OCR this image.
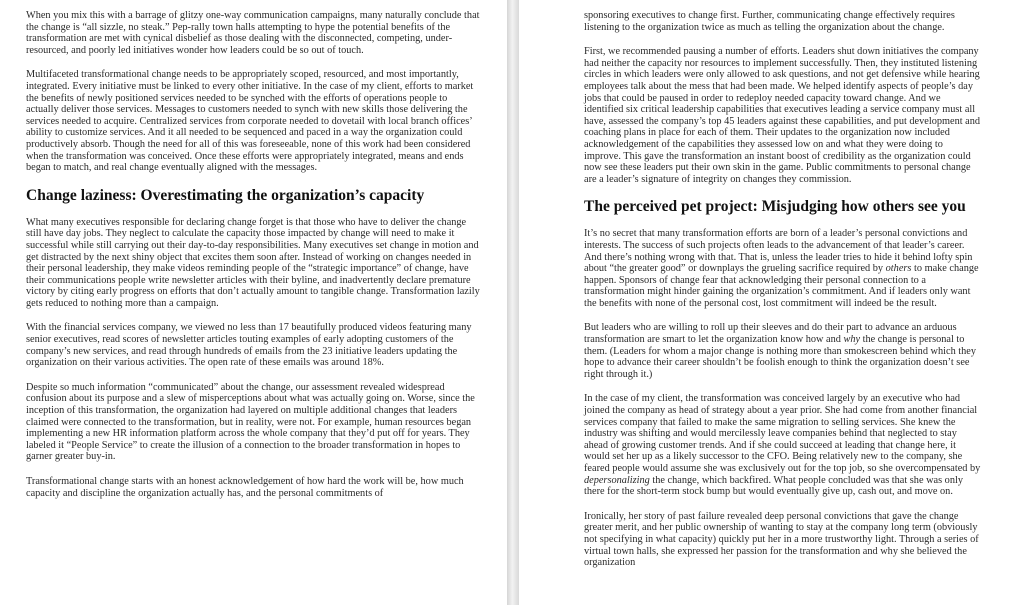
When you mix this with a barrage of glitzy one-way communication campaigns, many naturally conclude that the change is “all sizzle, no steak.” Pep-rally town halls attempting to hype the potential benefits of the transformation are met with cynical disbelief as those dealing with the disconnected, competing, under-resourced, and poorly led initiatives wonder how leaders could be so out of touch.

Multifaceted transformational change needs to be appropriately scoped, resourced, and most importantly, integrated. Every initiative must be linked to every other initiative. In the case of my client, efforts to market the benefits of newly positioned services needed to be synched with the efforts of operations people to actually deliver those services. Messages to customers needed to synch with new skills those delivering the services needed to acquire. Centralized services from corporate needed to dovetail with local branch offices’ ability to customize services. And it all needed to be sequenced and paced in a way the organization could productively absorb. Though the need for all of this was foreseeable, none of this work had been considered when the transformation was conceived. Once these efforts were appropriately integrated, means and ends began to match, and real change eventually aligned with the messages.

Change laziness: Overestimating the organization’s capacity

What many executives responsible for declaring change forget is that those who have to deliver the change still have day jobs. They neglect to calculate the capacity those impacted by change will need to make it successful while still carrying out their day-to-day responsibilities. Many executives set change in motion and get distracted by the next shiny object that excites them soon after. Instead of working on changes needed in their personal leadership, they make videos reminding people of the “strategic importance” of change, have their communications people write newsletter articles with their byline, and inadvertently declare premature victory by citing early progress on efforts that don’t actually amount to tangible change. Transformation lazily gets reduced to nothing more than a campaign.

With the financial services company, we viewed no less than 17 beautifully produced videos featuring many senior executives, read scores of newsletter articles touting examples of early adopting customers of the company’s new services, and read through hundreds of emails from the 23 initiative leaders updating the organization on their various activities. The open rate of these emails was around 18%.

Despite so much information “communicated” about the change, our assessment revealed widespread confusion about its purpose and a slew of misperceptions about what was actually going on. Worse, since the inception of this transformation, the organization had layered on multiple additional changes that leaders claimed were connected to the transformation, but in reality, were not. For example, human resources began implementing a new HR information platform across the whole company that they’d put off for years. They labeled it “People Service” to create the illusion of a connection to the broader transformation in hopes to garner greater buy-in.

Transformational change starts with an honest acknowledgement of how hard the work will be, how much capacity and discipline the organization actually has, and the personal commitments of

sponsoring executives to change first. Further, communicating change effectively requires listening to the organization twice as much as telling the organization about the change.

First, we recommended pausing a number of efforts. Leaders shut down initiatives the company had neither the capacity nor resources to implement successfully. Then, they instituted listening circles in which leaders were only allowed to ask questions, and not get defensive while hearing employees talk about the mess that had been made. We helped identify aspects of people’s day jobs that could be paused in order to redeploy needed capacity toward change. And we identified six critical leadership capabilities that executives leading a service company must all have, assessed the company’s top 45 leaders against these capabilities, and put development and coaching plans in place for each of them. Their updates to the organization now included acknowledgement of the capabilities they assessed low on and what they were doing to improve. This gave the transformation an instant boost of credibility as the organization could now see these leaders put their own skin in the game. Public commitments to personal change are a leader’s signature of integrity on changes they commission.

The perceived pet project: Misjudging how others see you

It’s no secret that many transformation efforts are born of a leader’s personal convictions and interests. The success of such projects often leads to the advancement of that leader’s career. And there’s nothing wrong with that. That is, unless the leader tries to hide it behind lofty spin about “the greater good” or downplays the grueling sacrifice required by others to make change happen. Sponsors of change fear that acknowledging their personal connection to a transformation might hinder gaining the organization’s commitment. And if leaders only want the benefits with none of the personal cost, lost commitment will indeed be the result.

But leaders who are willing to roll up their sleeves and do their part to advance an arduous transformation are smart to let the organization know how and why the change is personal to them. (Leaders for whom a major change is nothing more than smokescreen behind which they hope to advance their career shouldn’t be foolish enough to think the organization doesn’t see right through it.)

In the case of my client, the transformation was conceived largely by an executive who had joined the company as head of strategy about a year prior. She had come from another financial services company that failed to make the same migration to selling services. She knew the industry was shifting and would mercilessly leave companies behind that neglected to stay ahead of growing customer trends. And if she could succeed at leading that change here, it would set her up as a likely successor to the CFO. Being relatively new to the company, she feared people would assume she was exclusively out for the top job, so she overcompensated by depersonalizing the change, which backfired. What people concluded was that she was only there for the short-term stock bump but would eventually give up, cash out, and move on.

Ironically, her story of past failure revealed deep personal convictions that gave the change greater merit, and her public ownership of wanting to stay at the company long term (obviously not specifying in what capacity) quickly put her in a more trustworthy light. Through a series of virtual town halls, she expressed her passion for the transformation and why she believed the organization
